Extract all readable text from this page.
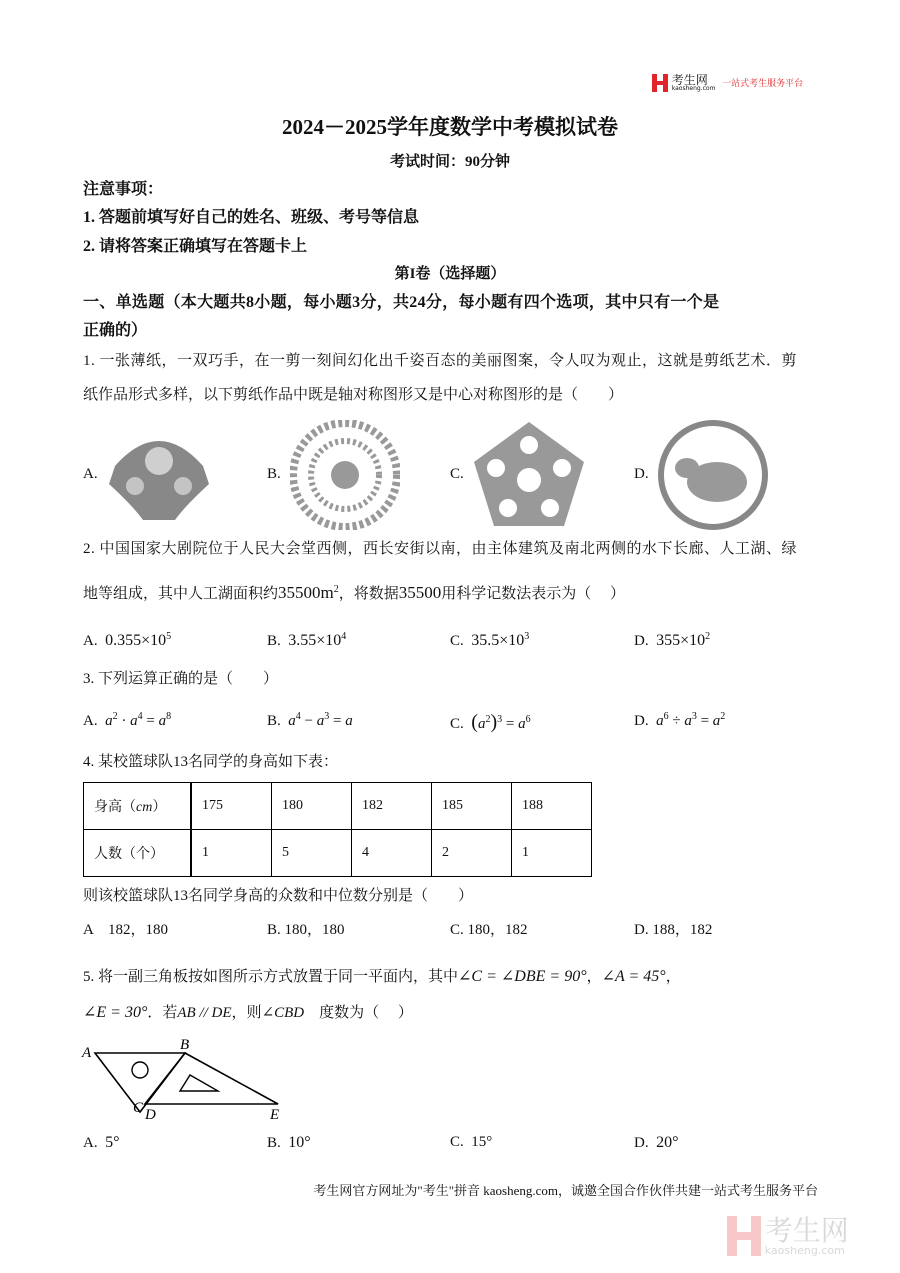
考生网
kaosheng.com
一站式考生服务平台
2024－2025学年度数学中考模拟试卷
考试时间：90分钟
注意事项：
1. 答题前填写好自己的姓名、班级、考号等信息
2. 请将答案正确填写在答题卡上
第I卷（选择题）
一、单选题（本大题共8小题，每小题3分，共24分，每小题有四个选项，其中只有一个是
正确的）
1. 一张薄纸，一双巧手，在一剪一刻间幻化出千姿百态的美丽图案，令人叹为观止，这就是剪纸艺术．剪
纸作品形式多样，以下剪纸作品中既是轴对称图形又是中心对称图形的是（　　）
A.	B.	C.	D.
2. 中国国家大剧院位于人民大会堂西侧，西长安街以南，由主体建筑及南北两侧的水下长廊、人工湖、绿
地等组成，其中人工湖面积约$35500m^2$，将数据35500用科学记数法表示为（　 ）
A. $0.355\times 10^5$	B. $3.55\times 10^4$	C. $35.5\times 10^3$	D. $355\times 10^2$
3. 下列运算正确的是（　　）
A. $a^2 \cdot a^4 = a^8$	B. $a^4 - a^3 = a$	C. $(a^2)^3 = a^6$	D. $a^6 \div a^3 = a^2$
4. 某校篮球队13名同学的身高如下表：
身高（cm）	175	180	182	185	188
人数（个）	1	5	4	2	1
则该校篮球队13名同学身高的众数和中位数分别是（　　）
A　182，180	B. 180，180	C. 180，182	D. 188，182
5. 将一副三角板按如图所示方式放置于同一平面内，其中∠C = ∠DBE = 90°，∠A = 45°，
∠E = 30°．若AB // DE，则∠CBD　度数为（　 ）
A	B
C D	E
A. 5°	B. 10°	C. 15°	D. 20°
考生网官方网址为"考生"拼音 kaosheng.com，诚邀全国合作伙伴共建一站式考生服务平台

考生网
kaosheng.com
